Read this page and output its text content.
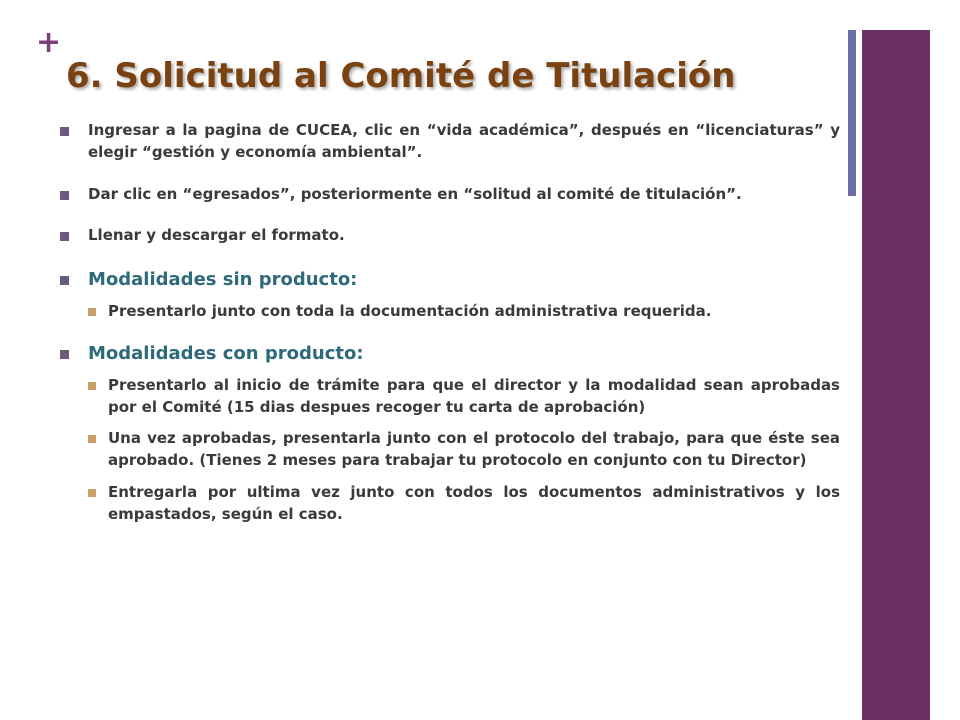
+
6. Solicitud al Comité de Titulación
Ingresar a la pagina de CUCEA, clic en “vida académica”, después en “licenciaturas” y elegir “gestión y economía ambiental”.
Dar clic en “egresados”, posteriormente en “solitud al comité de titulación”.
Llenar y descargar el formato.
Modalidades sin producto:
Presentarlo junto con toda la documentación administrativa requerida.
Modalidades con producto:
Presentarlo al inicio de trámite para que el director y la modalidad sean aprobadas por el Comité (15 dias despues recoger tu carta de aprobación)
Una vez aprobadas, presentarla junto con el protocolo del trabajo, para que éste sea aprobado. (Tienes 2 meses para trabajar tu protocolo en conjunto con tu Director)
Entregarla por ultima vez junto con todos los documentos administrativos y los empastados, según el caso.
